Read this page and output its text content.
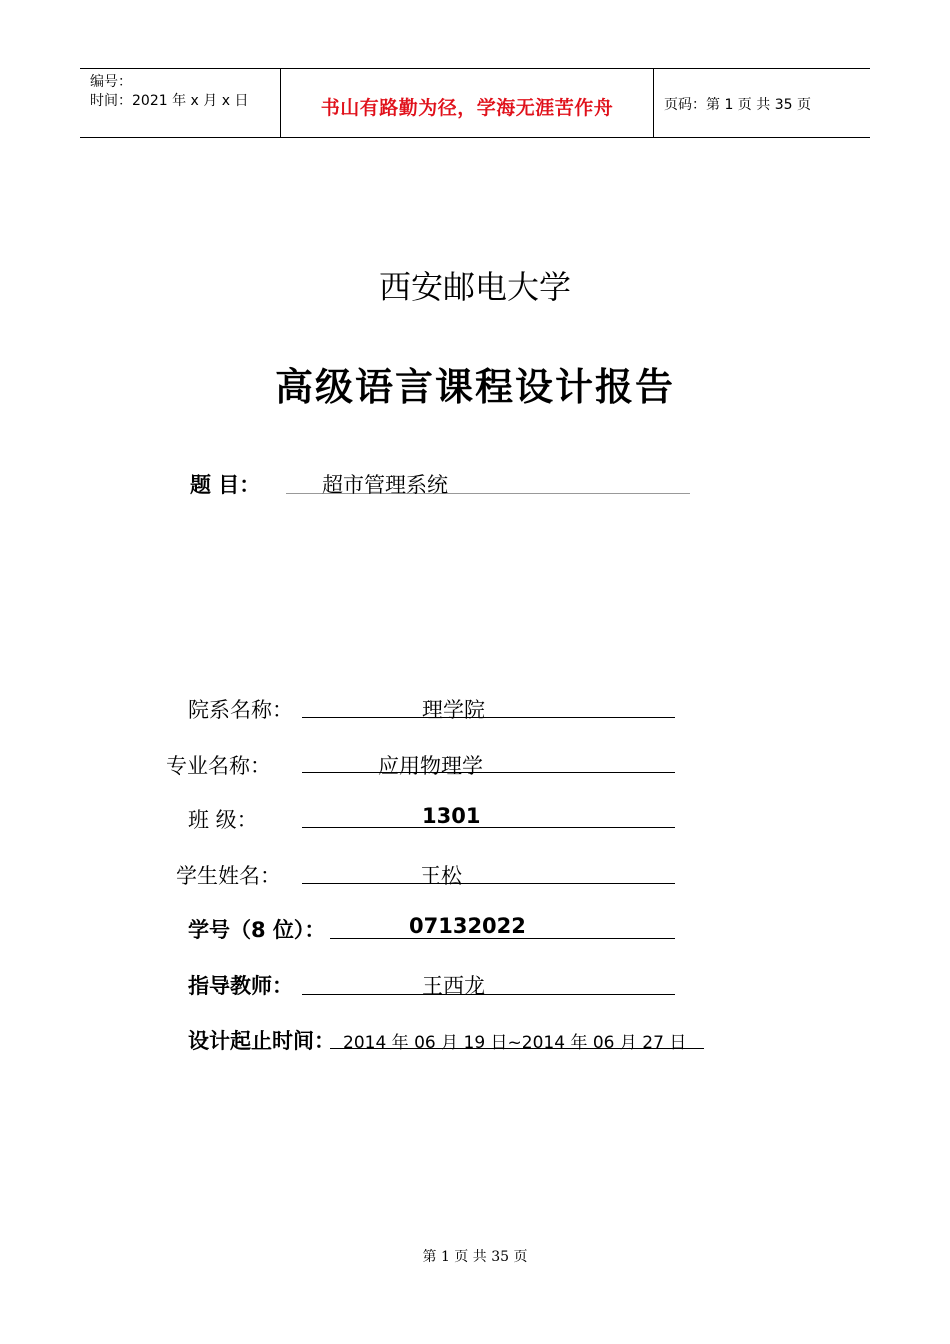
编号：
时间：2021 年 x 月 x 日	书山有路勤为径，学海无涯苦作舟	页码：第 1 页 共 35 页
西安邮电大学
高级语言课程设计报告
题 目：	超市管理系统
院系名称：	理学院
专业名称：	应用物理学
班 级：	1301
学生姓名：	王松
学号（8 位）：	07132022
指导教师：	王西龙
设计起止时间： 2014 年 06 月 19 日~2014 年 06 月 27 日
第 1 页 共 35 页
